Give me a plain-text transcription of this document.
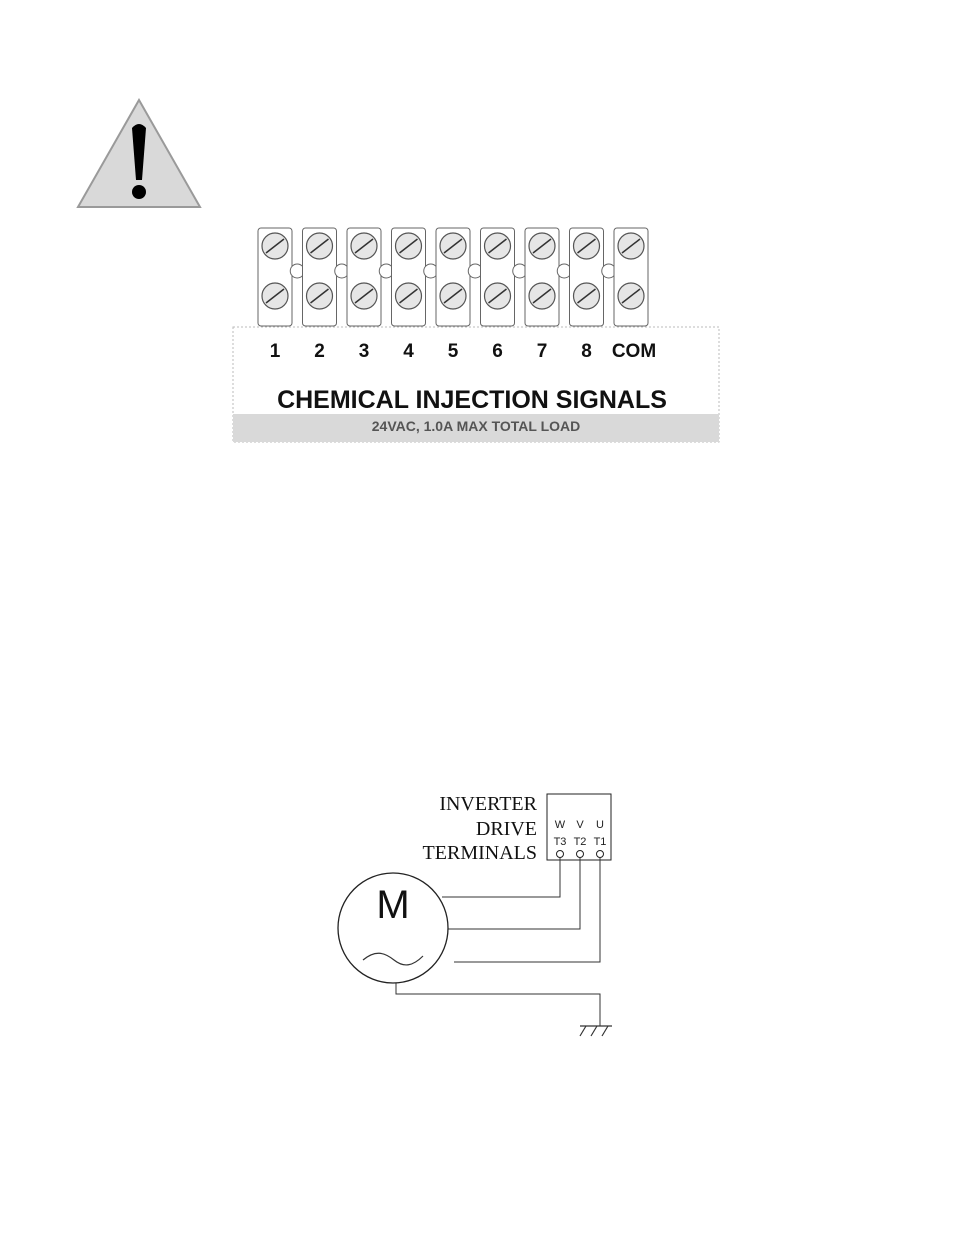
1 2 3 4 5 6 7 8 COM
CHEMICAL INJECTION SIGNALS
24VAC, 1.0A MAX TOTAL LOAD
INVERTER
DRIVE
TERMINALS
W V U
T3 T2 T1
M
